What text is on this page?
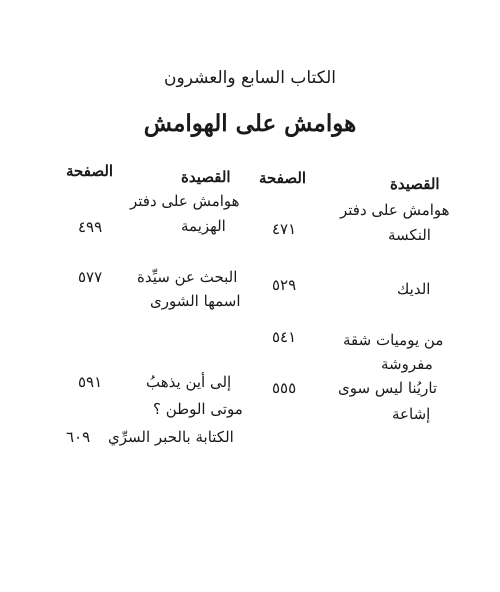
الكتاب السابع والعشرون
هوامش على الهوامش
القصيدة
الصفحة
هوامش على دفتر
النكسة
٤٧١
الديك
٥٢٩
من يوميات شقة
مفروشة
٥٤١
تاريُنا ليس سوى
إشاعة
٥٥٥
القصيدة
الصفحة
هوامش على دفتر
الهزيمة
٤٩٩
البحث عن سيِّدة
اسمها الشورى
٥٧٧
إلى أين يذهبُ
موتى الوطن ؟
٥٩١
الكتابة بالحبر السرِّي
٦٠٩
